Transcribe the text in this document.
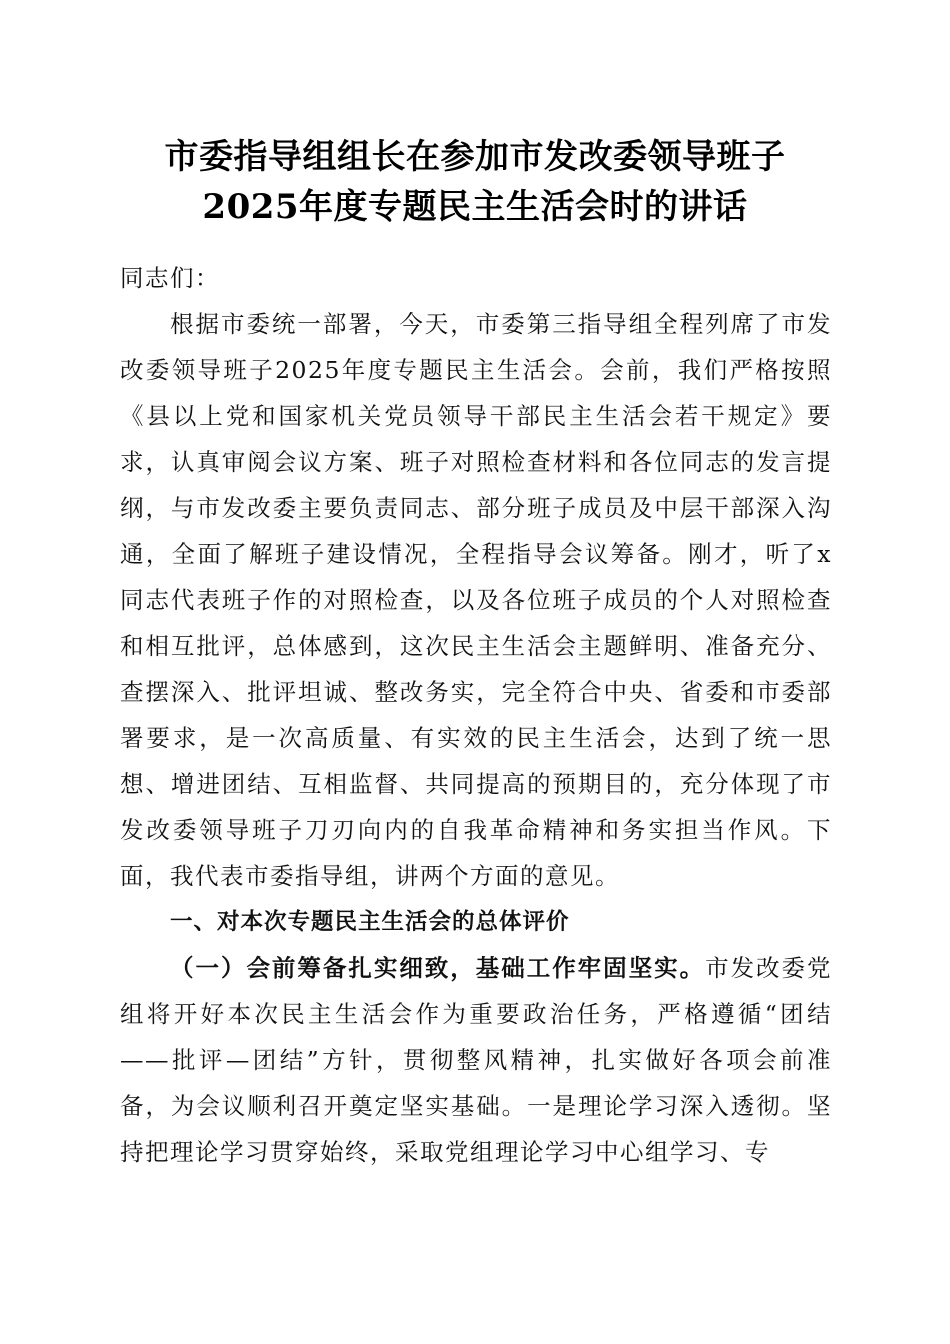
市委指导组组长在参加市发改委领导班子
2025年度专题民主生活会时的讲话

同志们：

根据市委统一部署，今天，市委第三指导组全程列席了市发改委领导班子2025年度专题民主生活会。会前，我们严格按照《县以上党和国家机关党员领导干部民主生活会若干规定》要求，认真审阅会议方案、班子对照检查材料和各位同志的发言提纲，与市发改委主要负责同志、部分班子成员及中层干部深入沟通，全面了解班子建设情况，全程指导会议筹备。刚才，听了x同志代表班子作的对照检查，以及各位班子成员的个人对照检查和相互批评，总体感到，这次民主生活会主题鲜明、准备充分、查摆深入、批评坦诚、整改务实，完全符合中央、省委和市委部署要求，是一次高质量、有实效的民主生活会，达到了统一思想、增进团结、互相监督、共同提高的预期目的，充分体现了市发改委领导班子刀刃向内的自我革命精神和务实担当作风。下面，我代表市委指导组，讲两个方面的意见。

一、对本次专题民主生活会的总体评价

（一）会前筹备扎实细致，基础工作牢固坚实。市发改委党组将开好本次民主生活会作为重要政治任务，严格遵循“团结——批评—团结”方针，贯彻整风精神，扎实做好各项会前准备，为会议顺利召开奠定坚实基础。一是理论学习深入透彻。坚持把理论学习贯穿始终，采取党组理论学习中心组学习、专
